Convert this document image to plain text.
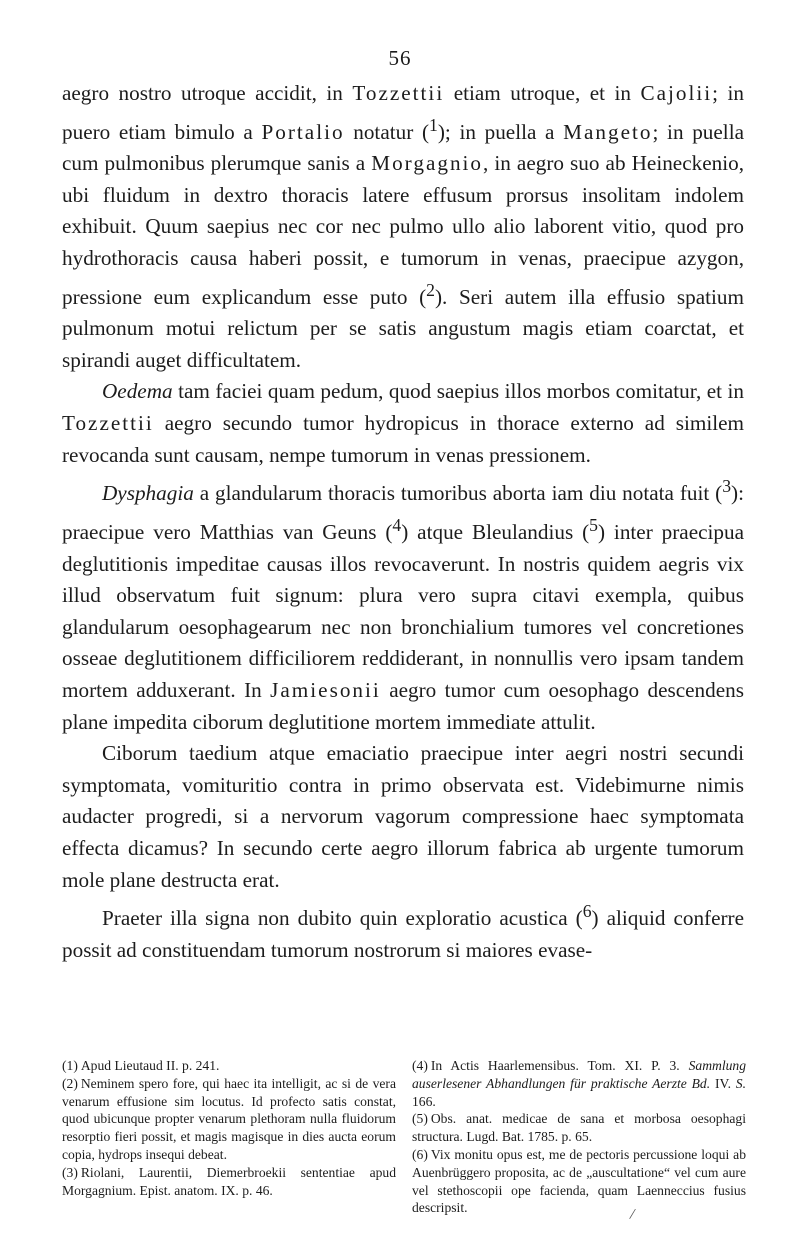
56

aegro nostro utroque accidit, in Tozzettii etiam utroque, et in Cajolii; in puero etiam bimulo a Portalio notatur ($^1$); in puella a Mangeto; in puella cum pulmonibus plerumque sanis a Morgagnio, in aegro suo ab Heineckenio, ubi fluidum in dextro thoracis latere effusum prorsus insolitam indolem exhibuit. Quum saepius nec cor nec pulmo ullo alio laborent vitio, quod pro hydrothoracis causa haberi possit, e tumorum in venas, praecipue azygon, pressione eum explicandum esse puto ($^2$). Seri autem illa effusio spatium pulmonum motui relictum per se satis angustum magis etiam coarctat, et spirandi auget difficultatem.

Oedema tam faciei quam pedum, quod saepius illos morbos comitatur, et in Tozzettii aegro secundo tumor hydropicus in thorace externo ad similem revocanda sunt causam, nempe tumorum in venas pressionem.

Dysphagia a glandularum thoracis tumoribus aborta iam diu notata fuit ($^3$): praecipue vero Matthias van Geuns ($^4$) atque Bleulandius ($^5$) inter praecipua deglutitionis impeditae causas illos revocaverunt. In nostris quidem aegris vix illud observatum fuit signum: plura vero supra citavi exempla, quibus glandularum oesophagearum nec non bronchialium tumores vel concretiones osseae deglutitionem difficiliorem reddiderant, in nonnullis vero ipsam tandem mortem adduxerant. In Jamiesonii aegro tumor cum oesophago descendens plane impedita ciborum deglutitione mortem immediate attulit.

Ciborum taedium atque emaciatio praecipue inter aegri nostri secundi symptomata, vomituritio contra in primo observata est. Videbimurne nimis audacter progredi, si a nervorum vagorum compressione haec symptomata effecta dicamus? In secundo certe aegro illorum fabrica ab urgente tumorum mole plane destructa erat.

Praeter illa signa non dubito quin exploratio acustica ($^6$) aliquid conferre possit ad constituendam tumorum nostrorum si maiores evase-

(1) Apud Lieutaud II. p. 241.

(2) Neminem spero fore, qui haec ita intelligit, ac si de vera venarum effusione sim locutus. Id profecto satis constat, quod ubicunque propter venarum plethoram nulla fluidorum resorptio fieri possit, et magis magisque in dies aucta eorum copia, hydrops insequi debeat.

(3) Riolani, Laurentii, Diemerbroekii sententiae apud Morgagnium. Epist. anatom. IX. p. 46.

(4) In Actis Haarlemensibus. Tom. XI. P. 3. Sammlung auserlesener Abhandlungen für praktische Aerzte Bd. IV. S. 166.

(5) Obs. anat. medicae de sana et morbosa oesophagi structura. Lugd. Bat. 1785. p. 65.

(6) Vix monitu opus est, me de pectoris percussione loqui ab Auenbrüggero proposita, ac de „auscultatione“ vel cum aure vel stethoscopii ope facienda, quam Laenneccius fusius descripsit.	/
